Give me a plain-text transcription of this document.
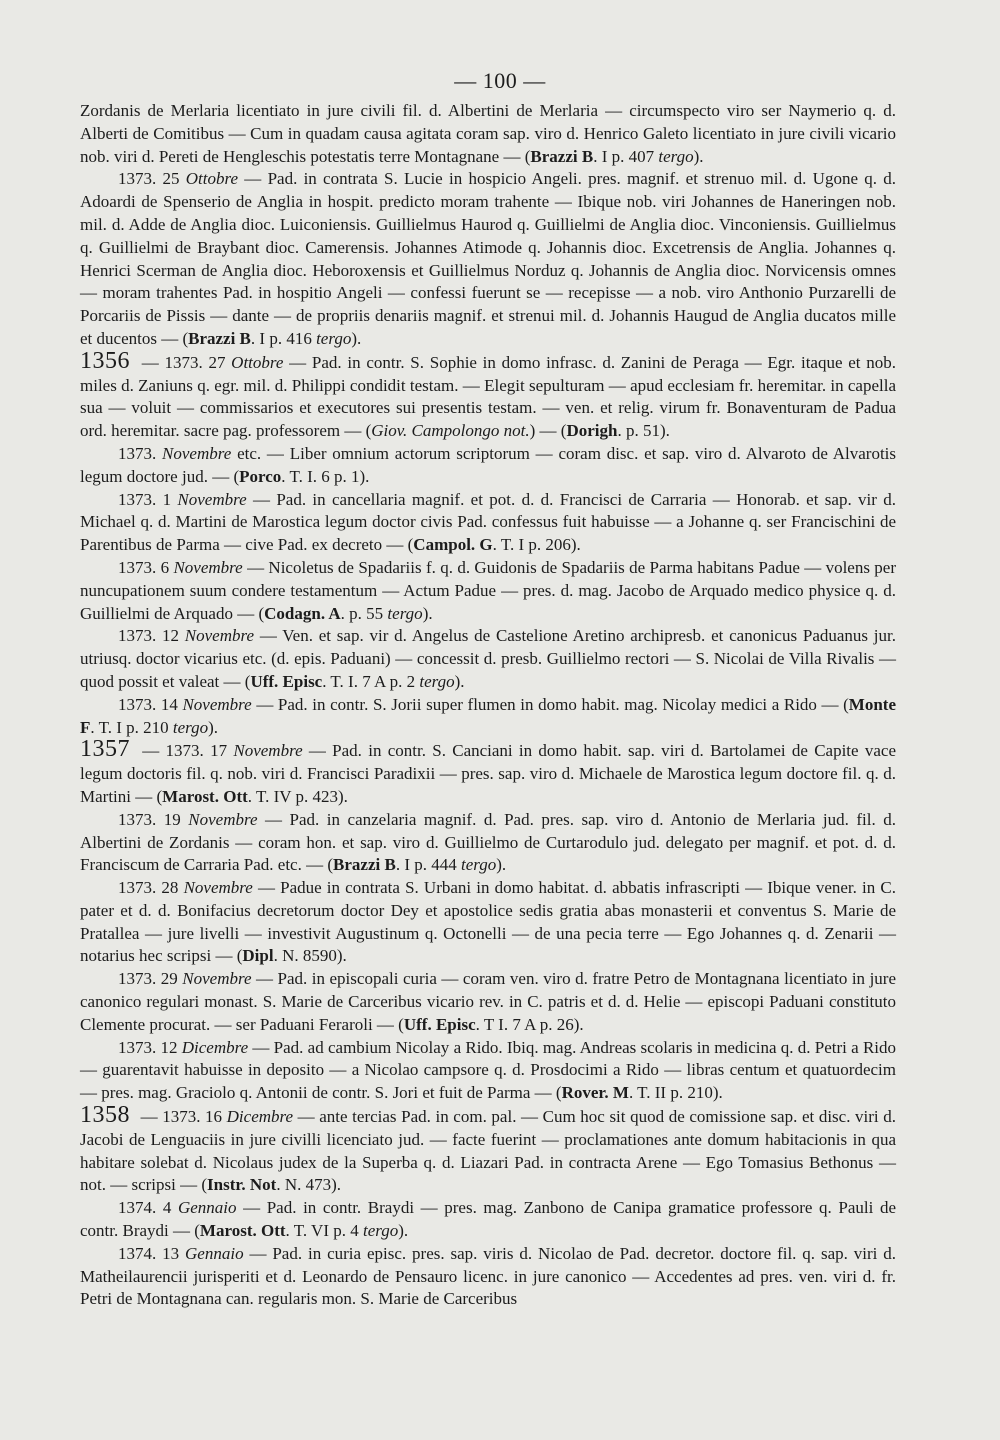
— 100 —

Zordanis de Merlaria licentiato in jure civili fil. d. Albertini de Merlaria — circumspecto viro ser Naymerio q. d. Alberti de Comitibus — Cum in quadam causa agitata coram sap. viro d. Henrico Galeto licentiato in jure civili vicario nob. viri d. Pereti de Hengleschis potestatis terre Montagnane — (Brazzi B. I p. 407 tergo).

1373. 25 Ottobre — Pad. in contrata S. Lucie in hospicio Angeli. pres. magnif. et strenuo mil. d. Ugone q. d. Adoardi de Spenserio de Anglia in hospit. predicto moram trahente — Ibique nob. viri Johannes de Haneringen nob. mil. d. Adde de Anglia dioc. Luiconiensis. Guillielmus Haurod q. Guillielmi de Anglia dioc. Vinconiensis. Guillielmus q. Guillielmi de Braybant dioc. Camerensis. Johannes Atimode q. Johannis dioc. Excetrensis de Anglia. Johannes q. Henrici Scerman de Anglia dioc. Heboroxensis et Guillielmus Norduz q. Johannis de Anglia dioc. Norvicensis omnes — moram trahentes Pad. in hospitio Angeli — confessi fuerunt se — recepisse — a nob. viro Anthonio Purzarelli de Porcariis de Pissis — dante — de propriis denariis magnif. et strenui mil. d. Johannis Haugud de Anglia ducatos mille et ducentos — (Brazzi B. I p. 416 tergo).

1356 — 1373. 27 Ottobre — Pad. in contr. S. Sophie in domo infrasc. d. Zanini de Peraga — Egr. itaque et nob. miles d. Zaniuns q. egr. mil. d. Philippi condidit testam. — Elegit sepulturam — apud ecclesiam fr. heremitar. in capella sua — voluit — commissarios et executores sui presentis testam. — ven. et relig. virum fr. Bonaventuram de Padua ord. heremitar. sacre pag. professorem — (Giov. Campolongo not.) — (Dorigh. p. 51).

1373. Novembre etc. — Liber omnium actorum scriptorum — coram disc. et sap. viro d. Alvaroto de Alvarotis legum doctore jud. — (Porco. T. I. 6 p. 1).

1373. 1 Novembre — Pad. in cancellaria magnif. et pot. d. d. Francisci de Carraria — Honorab. et sap. vir d. Michael q. d. Martini de Marostica legum doctor civis Pad. confessus fuit habuisse — a Johanne q. ser Francischini de Parentibus de Parma — cive Pad. ex decreto — (Campol. G. T. I p. 206).

1373. 6 Novembre — Nicoletus de Spadariis f. q. d. Guidonis de Spadariis de Parma habitans Padue — volens per nuncupationem suum condere testamentum — Actum Padue — pres. d. mag. Jacobo de Arquado medico physice q. d. Guillielmi de Arquado — (Codagn. A. p. 55 tergo).

1373. 12 Novembre — Ven. et sap. vir d. Angelus de Castelione Aretino archipresb. et canonicus Paduanus jur. utriusq. doctor vicarius etc. (d. epis. Paduani) — concessit d. presb. Guillielmo rectori — S. Nicolai de Villa Rivalis — quod possit et valeat — (Uff. Episc. T. I. 7 A p. 2 tergo).

1373. 14 Novembre — Pad. in contr. S. Jorii super flumen in domo habit. mag. Nicolay medici a Rido — (Monte F. T. I p. 210 tergo).

1357 — 1373. 17 Novembre — Pad. in contr. S. Canciani in domo habit. sap. viri d. Bartolamei de Capite vace legum doctoris fil. q. nob. viri d. Francisci Paradixii — pres. sap. viro d. Michaele de Marostica legum doctore fil. q. d. Martini — (Marost. Ott. T. IV p. 423).

1373. 19 Novembre — Pad. in canzelaria magnif. d. Pad. pres. sap. viro d. Antonio de Merlaria jud. fil. d. Albertini de Zordanis — coram hon. et sap. viro d. Guillielmo de Curtarodulo jud. delegato per magnif. et pot. d. d. Franciscum de Carraria Pad. etc. — (Brazzi B. I p. 444 tergo).

1373. 28 Novembre — Padue in contrata S. Urbani in domo habitat. d. abbatis infrascripti — Ibique vener. in C. pater et d. d. Bonifacius decretorum doctor Dey et apostolice sedis gratia abas monasterii et conventus S. Marie de Pratallea — jure livelli — investivit Augustinum q. Octonelli — de una pecia terre — Ego Johannes q. d. Zenarii — notarius hec scripsi — (Dipl. N. 8590).

1373. 29 Novembre — Pad. in episcopali curia — coram ven. viro d. fratre Petro de Montagnana licentiato in jure canonico regulari monast. S. Marie de Carceribus vicario rev. in C. patris et d. d. Helie — episcopi Paduani constituto Clemente procurat. — ser Paduani Feraroli — (Uff. Episc. T I. 7 A p. 26).

1373. 12 Dicembre — Pad. ad cambium Nicolay a Rido. Ibiq. mag. Andreas scolaris in medicina q. d. Petri a Rido — guarentavit habuisse in deposito — a Nicolao campsore q. d. Prosdocimi a Rido — libras centum et quatuordecim — pres. mag. Graciolo q. Antonii de contr. S. Jori et fuit de Parma — (Rover. M. T. II p. 210).

1358 — 1373. 16 Dicembre — ante tercias Pad. in com. pal. — Cum hoc sit quod de comissione sap. et disc. viri d. Jacobi de Lenguaciis in jure civilli licenciato jud. — facte fuerint — proclamationes ante domum habitacionis in qua habitare solebat d. Nicolaus judex de la Superba q. d. Liazari Pad. in contracta Arene — Ego Tomasius Bethonus — not. — scripsi — (Instr. Not. N. 473).

1374. 4 Gennaio — Pad. in contr. Braydi — pres. mag. Zanbono de Canipa gramatice professore q. Pauli de contr. Braydi — (Marost. Ott. T. VI p. 4 tergo).

1374. 13 Gennaio — Pad. in curia episc. pres. sap. viris d. Nicolao de Pad. decretor. doctore fil. q. sap. viri d. Matheilaurencii jurisperiti et d. Leonardo de Pensauro licenc. in jure canonico — Accedentes ad pres. ven. viri d. fr. Petri de Montagnana can. regularis mon. S. Marie de Carceribus
